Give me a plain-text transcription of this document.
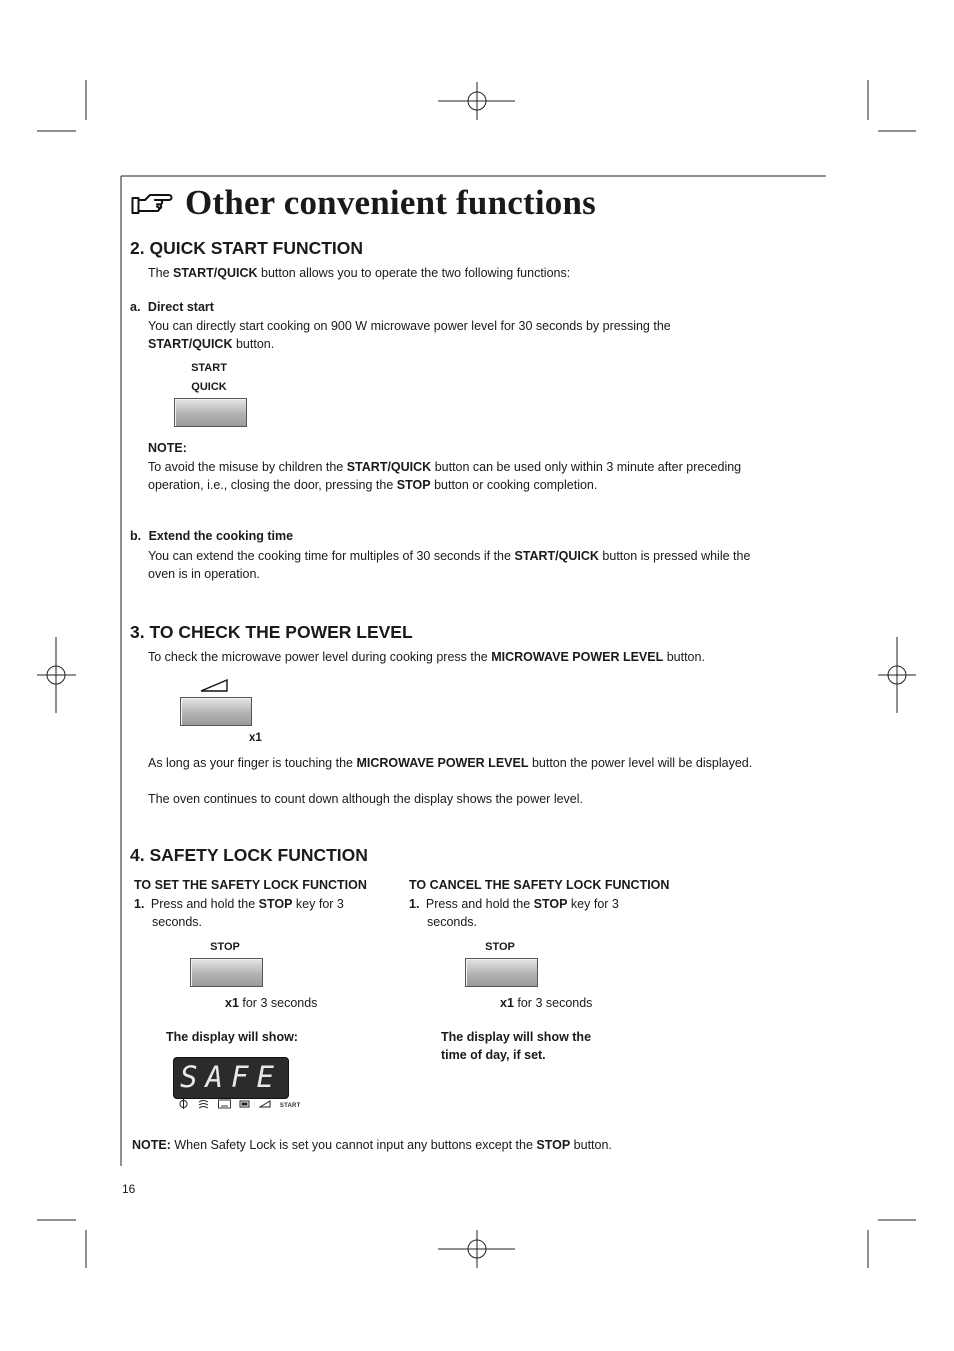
Other convenient functions
2. QUICK START FUNCTION
The START/QUICK button allows you to operate the two following functions:
a. Direct start
You can directly start cooking on 900 W microwave power level for 30 seconds by pressing the
START/QUICK button.
START
QUICK
NOTE:
To avoid the misuse by children the START/QUICK button can be used only within 3 minute after preceding
operation, i.e., closing the door, pressing the STOP button or cooking completion.
b. Extend the cooking time
You can extend the cooking time for multiples of 30 seconds if the START/QUICK button is pressed while the
oven is in operation.
3. TO CHECK THE POWER LEVEL
To check the microwave power level during cooking press the MICROWAVE POWER LEVEL button.
x1
As long as your finger is touching the MICROWAVE POWER LEVEL button the power level will be displayed.
The oven continues to count down although the display shows the power level.
4. SAFETY LOCK FUNCTION
TO SET THE SAFETY LOCK FUNCTION
1. Press and hold the STOP key for 3
seconds.
STOP
x1 for 3 seconds
The display will show:
SAFE
START
TO CANCEL THE SAFETY LOCK FUNCTION
1. Press and hold the STOP key for 3
seconds.
STOP
x1 for 3 seconds
The display will show the
time of day, if set.
NOTE: When Safety Lock is set you cannot input any buttons except the STOP button.
16
